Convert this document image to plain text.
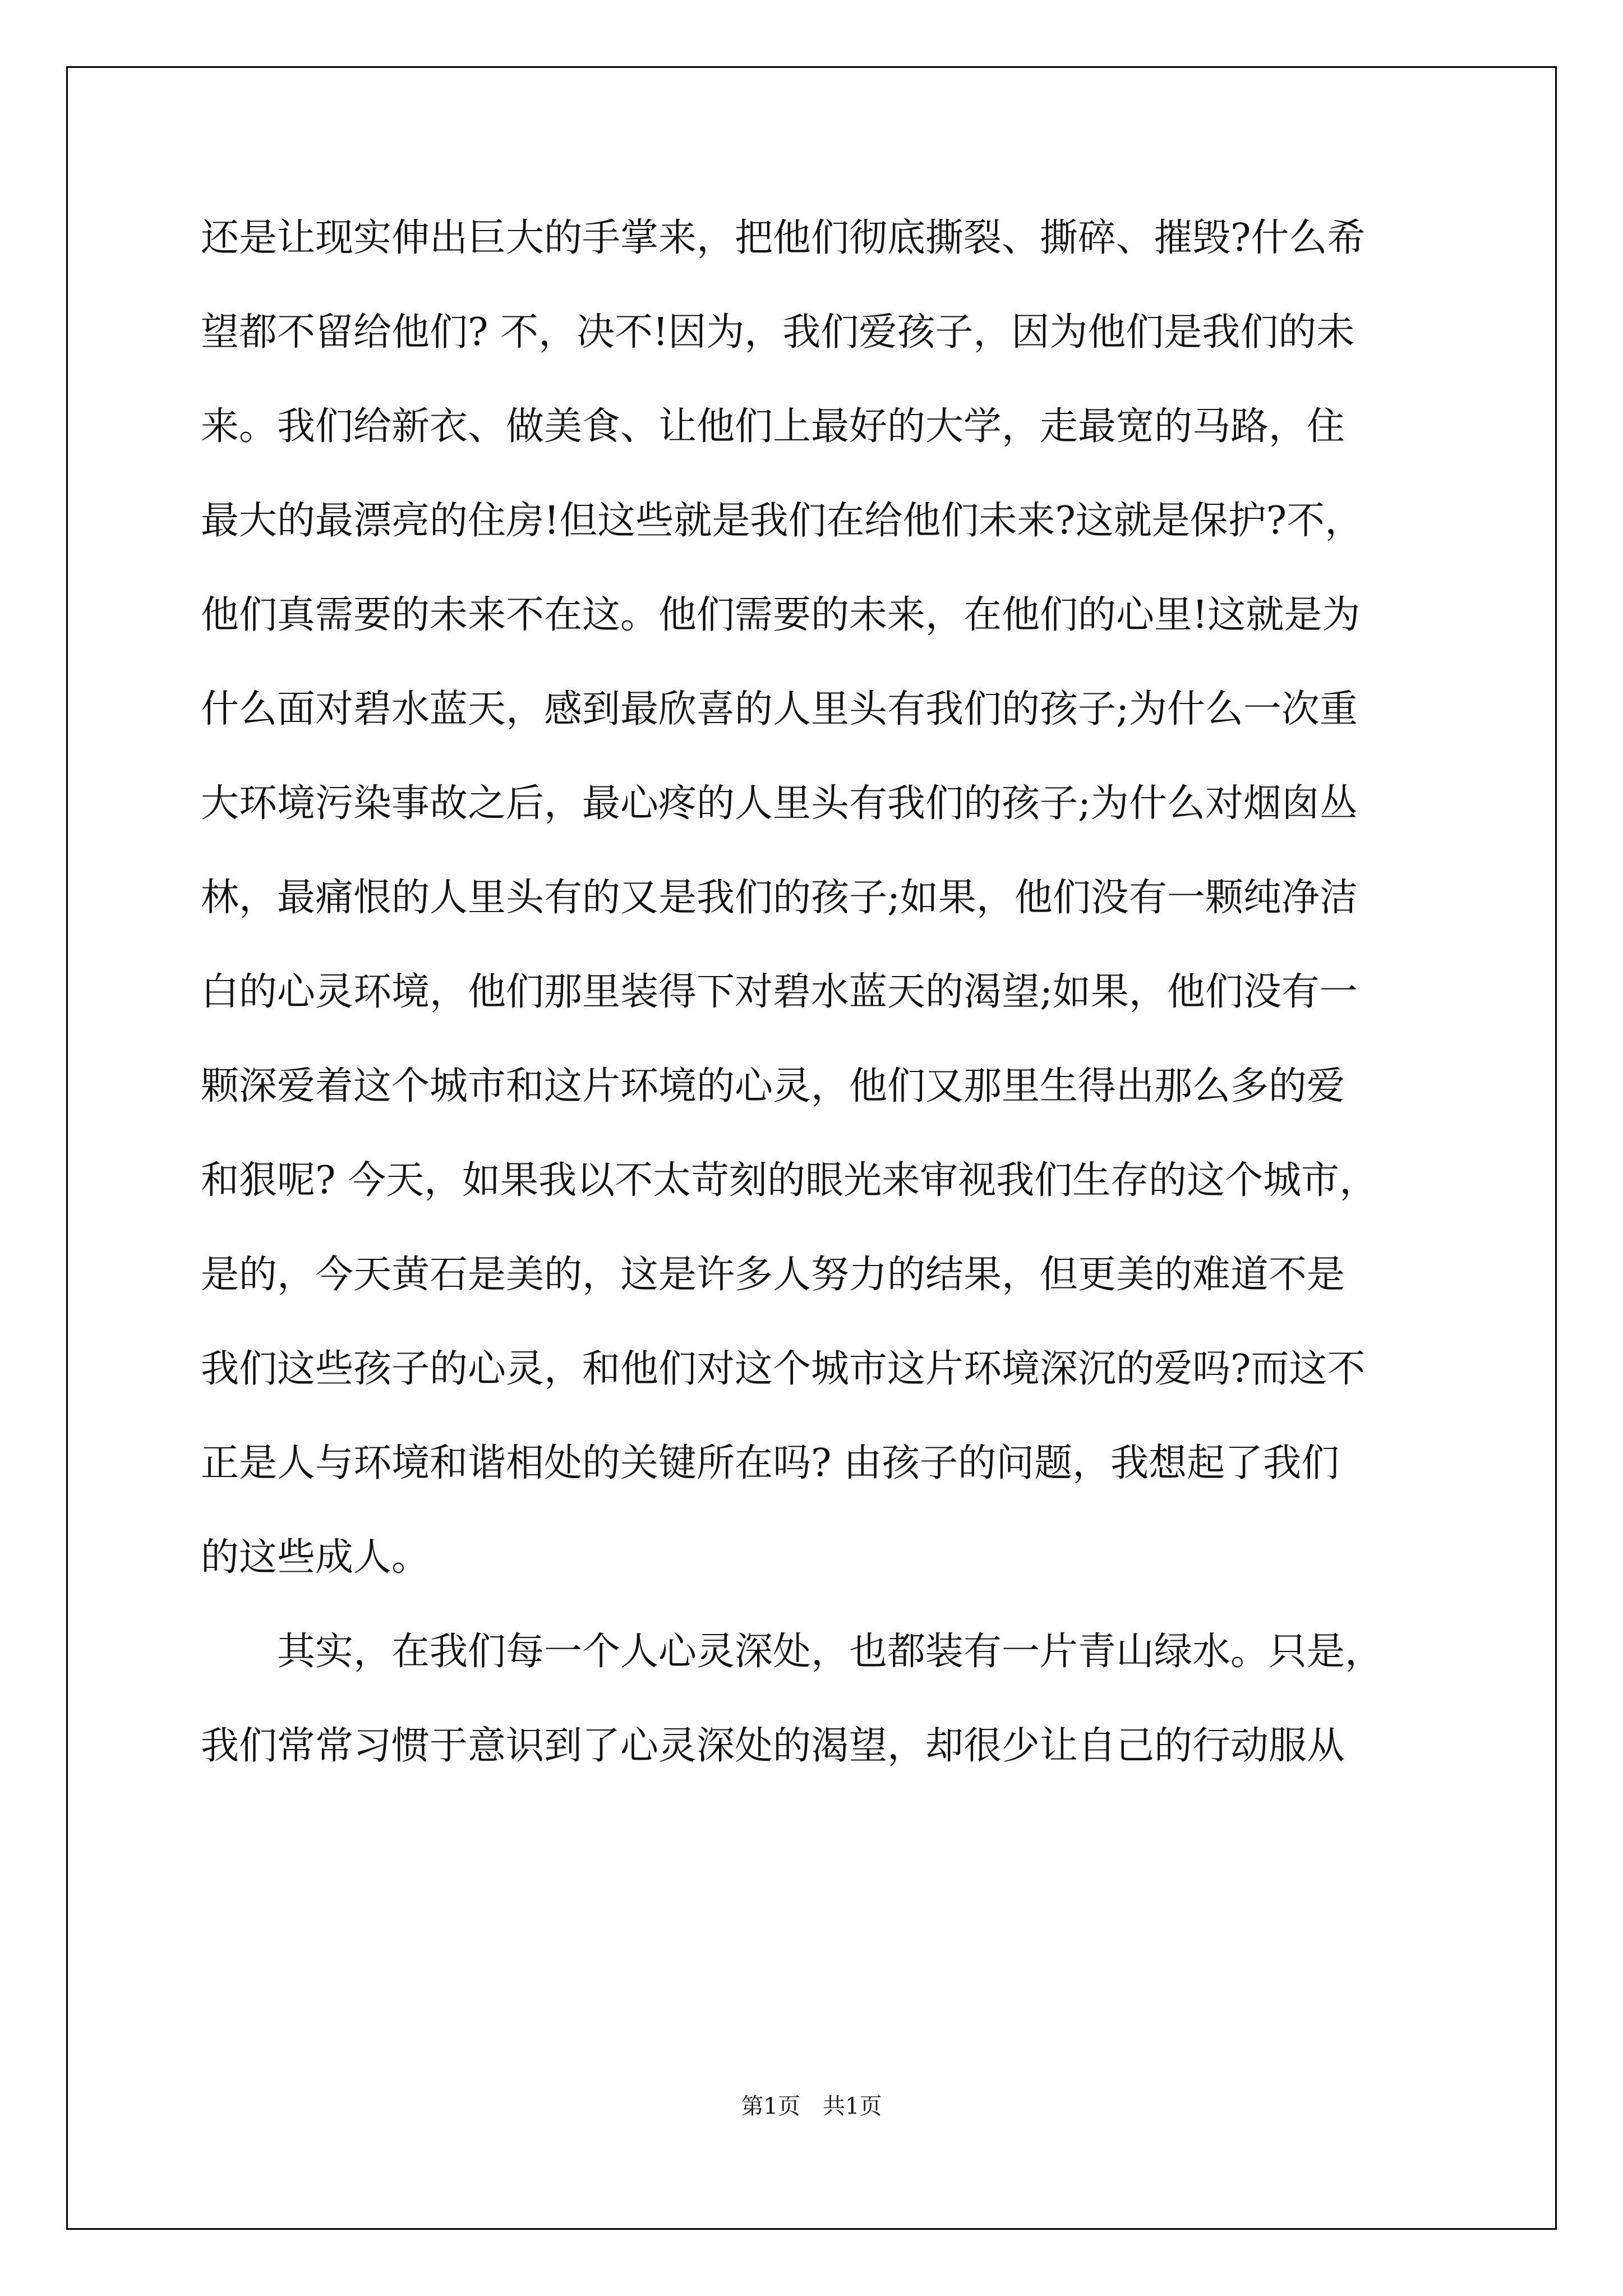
还是让现实伸出巨大的手掌来，把他们彻底撕裂、撕碎、摧毁?什么希
望都不留给他们? 不，决不!因为，我们爱孩子，因为他们是我们的未
来。我们给新衣、做美食、让他们上最好的大学，走最宽的马路，住
最大的最漂亮的住房!但这些就是我们在给他们未来?这就是保护?不，
他们真需要的未来不在这。他们需要的未来，在他们的心里!这就是为
什么面对碧水蓝天，感到最欣喜的人里头有我们的孩子;为什么一次重
大环境污染事故之后，最心疼的人里头有我们的孩子;为什么对烟囱丛
林，最痛恨的人里头有的又是我们的孩子;如果，他们没有一颗纯净洁
白的心灵环境，他们那里装得下对碧水蓝天的渴望;如果，他们没有一
颗深爱着这个城市和这片环境的心灵，他们又那里生得出那么多的爱
和狠呢? 今天，如果我以不太苛刻的眼光来审视我们生存的这个城市，
是的，今天黄石是美的，这是许多人努力的结果，但更美的难道不是
我们这些孩子的心灵，和他们对这个城市这片环境深沉的爱吗?而这不
正是人与环境和谐相处的关键所在吗? 由孩子的问题，我想起了我们
的这些成人。
　　其实，在我们每一个人心灵深处，也都装有一片青山绿水。只是，
我们常常习惯于意识到了心灵深处的渴望，却很少让自己的行动服从
第1页　共1页
